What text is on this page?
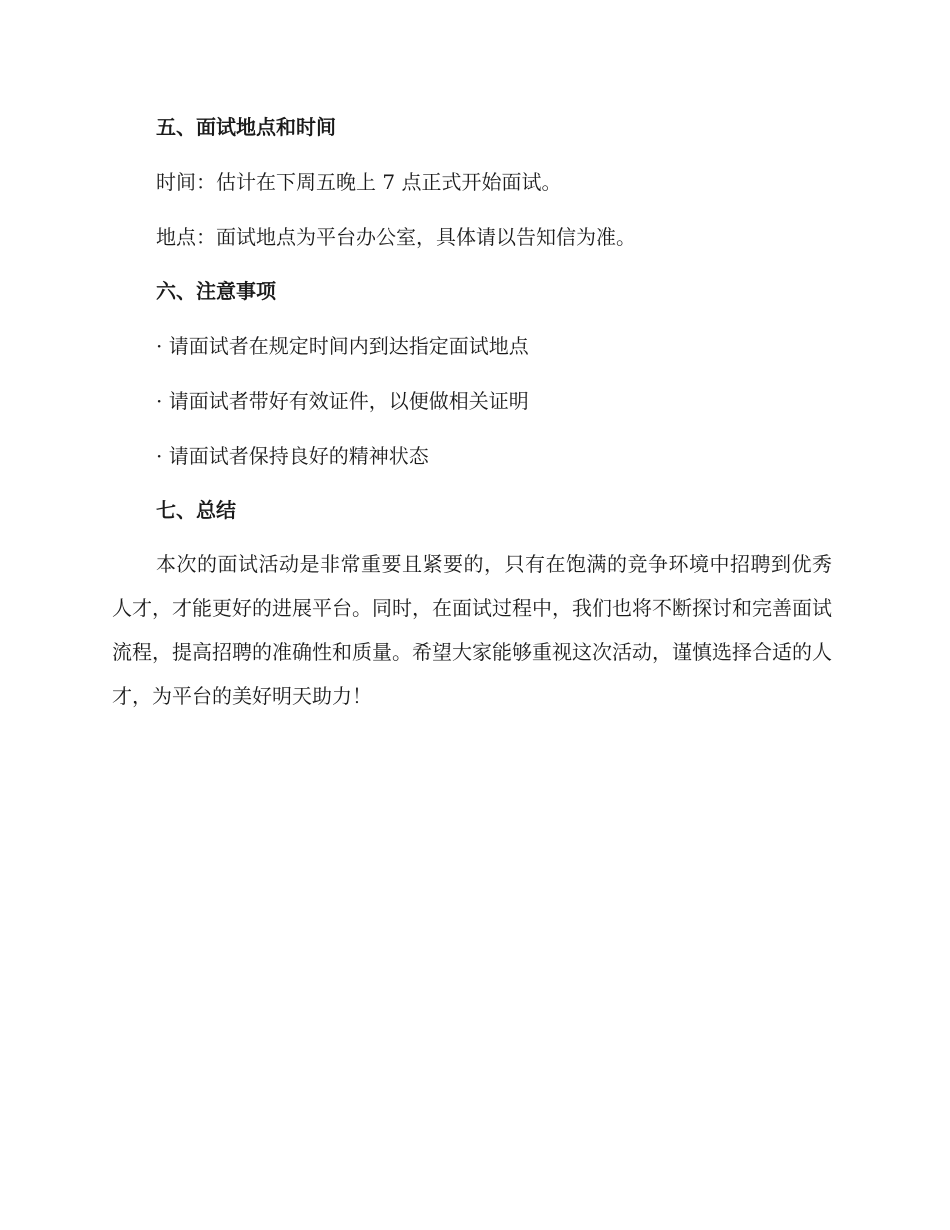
五、面试地点和时间
时间：估计在下周五晚上 7 点正式开始面试。
地点：面试地点为平台办公室，具体请以告知信为准。
六、注意事项
· 请面试者在规定时间内到达指定面试地点
· 请面试者带好有效证件，以便做相关证明
· 请面试者保持良好的精神状态
七、总结
本次的面试活动是非常重要且紧要的，只有在饱满的竞争环境中招聘到优秀人才，才能更好的进展平台。同时，在面试过程中，我们也将不断探讨和完善面试流程，提高招聘的准确性和质量。希望大家能够重视这次活动，谨慎选择合适的人才，为平台的美好明天助力！
